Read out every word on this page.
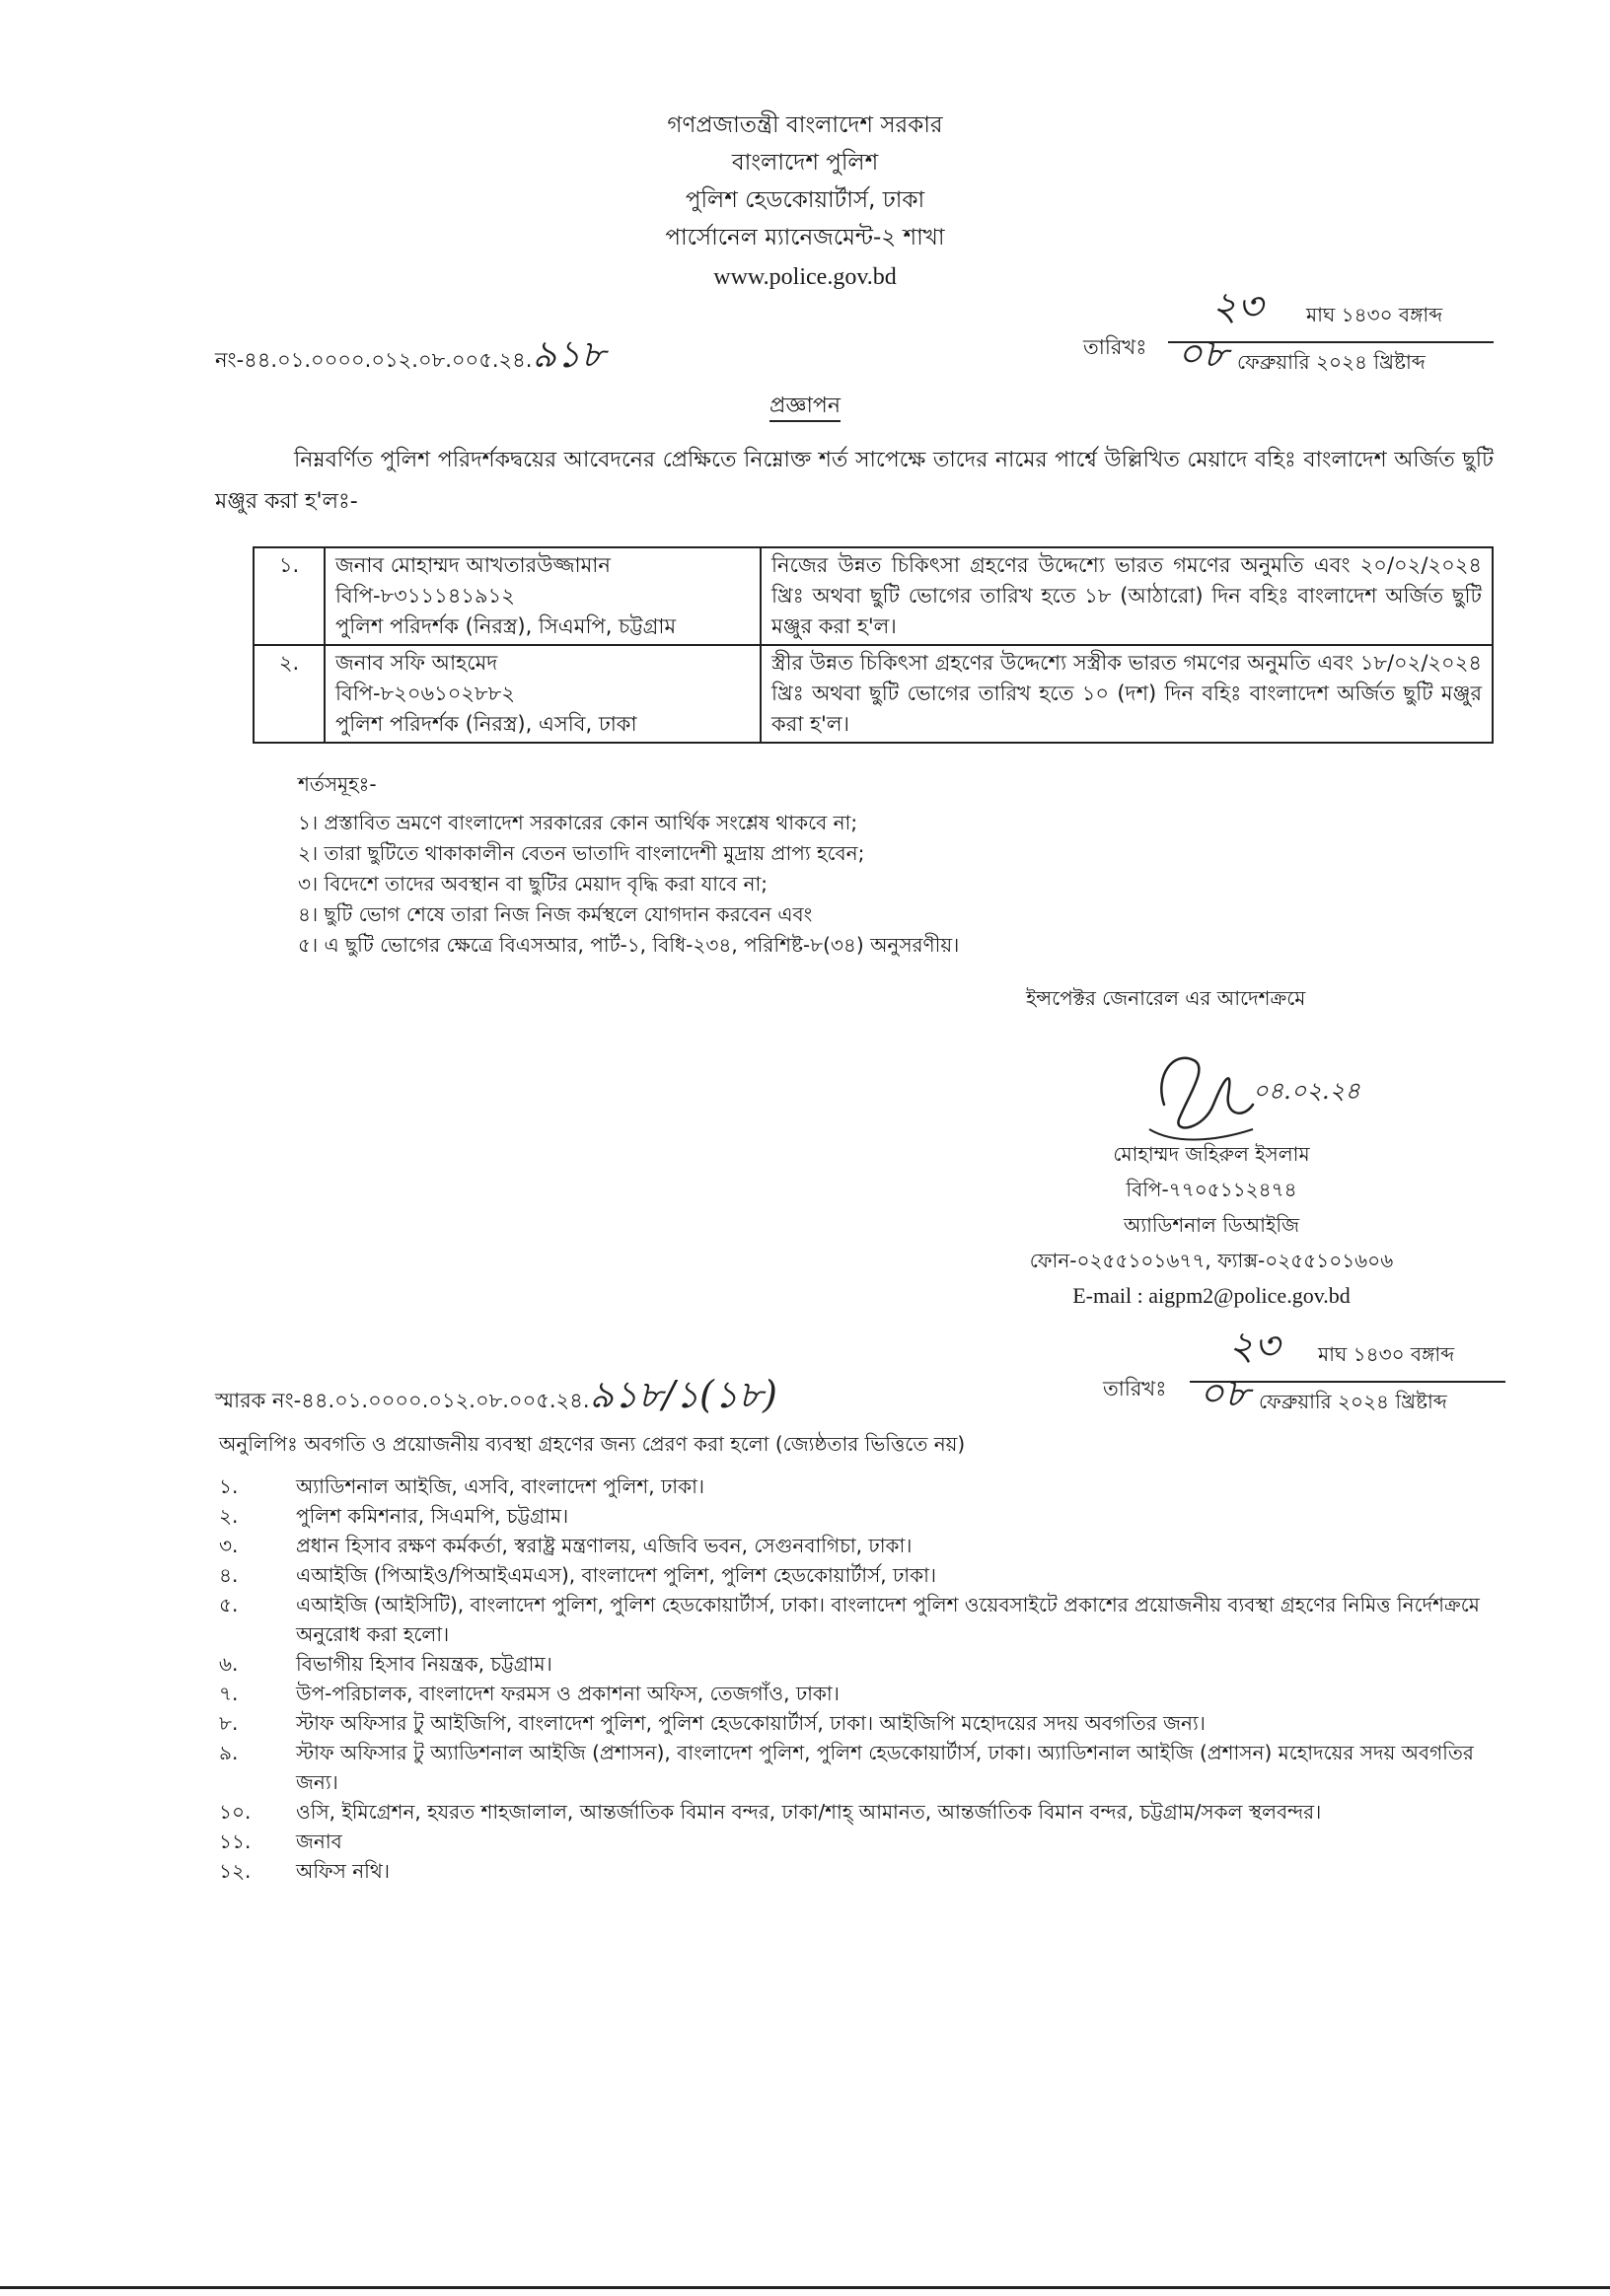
গণপ্রজাতন্ত্রী বাংলাদেশ সরকার
বাংলাদেশ পুলিশ
পুলিশ হেডকোয়ার্টার্স, ঢাকা
পার্সোনেল ম্যানেজমেন্ট-২ শাখা
www.police.gov.bd
নং-৪৪.০১.০০০০.০১২.০৮.০০৫.২৪.৯১৮	তারিখঃ
২৩	মাঘ ১৪৩০ বঙ্গাব্দ
০৮ ফেব্রুয়ারি ২০২৪ খ্রিষ্টাব্দ
প্রজ্ঞাপন
নিম্নবর্ণিত পুলিশ পরিদর্শকদ্বয়ের আবেদনের প্রেক্ষিতে নিম্নোক্ত শর্ত সাপেক্ষে তাদের নামের পার্শ্বে উল্লিখিত মেয়াদে বহিঃ বাংলাদেশ অর্জিত ছুটি মঞ্জুর করা হ'লঃ-
১.	জনাব মোহাম্মদ আখতারউজ্জামান
বিপি-৮৩১১১৪১৯১২
পুলিশ পরিদর্শক (নিরস্ত্র), সিএমপি, চট্টগ্রাম	নিজের উন্নত চিকিৎসা গ্রহণের উদ্দেশ্যে ভারত গমণের অনুমতি এবং ২০/০২/২০২৪ খ্রিঃ অথবা ছুটি ভোগের তারিখ হতে ১৮ (আঠারো) দিন বহিঃ বাংলাদেশ অর্জিত ছুটি মঞ্জুর করা হ'ল।
২.	জনাব সফি আহমেদ
বিপি-৮২০৬১০২৮৮২
পুলিশ পরিদর্শক (নিরস্ত্র), এসবি, ঢাকা	স্ত্রীর উন্নত চিকিৎসা গ্রহণের উদ্দেশ্যে সস্ত্রীক ভারত গমণের অনুমতি এবং ১৮/০২/২০২৪ খ্রিঃ অথবা ছুটি ভোগের তারিখ হতে ১০ (দশ) দিন বহিঃ বাংলাদেশ অর্জিত ছুটি মঞ্জুর করা হ'ল।
শর্তসমূহঃ-
১। প্রস্তাবিত ভ্রমণে বাংলাদেশ সরকারের কোন আর্থিক সংশ্লেষ থাকবে না;
২। তারা ছুটিতে থাকাকালীন বেতন ভাতাদি বাংলাদেশী মুদ্রায় প্রাপ্য হবেন;
৩। বিদেশে তাদের অবস্থান বা ছুটির মেয়াদ বৃদ্ধি করা যাবে না;
৪। ছুটি ভোগ শেষে তারা নিজ নিজ কর্মস্থলে যোগদান করবেন এবং
৫। এ ছুটি ভোগের ক্ষেত্রে বিএসআর, পার্ট-১, বিধি-২৩৪, পরিশিষ্ট-৮(৩৪) অনুসরণীয়।
ইন্সপেক্টর জেনারেল এর আদেশক্রমে
০৪.০২.২৪
মোহাম্মদ জহিরুল ইসলাম
বিপি-৭৭০৫১১২৪৭৪
অ্যাডিশনাল ডিআইজি
ফোন-০২৫৫১০১৬৭৭, ফ্যাক্স-০২৫৫১০১৬০৬
E-mail : aigpm2@police.gov.bd
স্মারক নং-৪৪.০১.০০০০.০১২.০৮.০০৫.২৪.৯১৮/১(১৮)	তারিখঃ
২৩	মাঘ ১৪৩০ বঙ্গাব্দ
০৮ ফেব্রুয়ারি ২০২৪ খ্রিষ্টাব্দ
অনুলিপিঃ অবগতি ও প্রয়োজনীয় ব্যবস্থা গ্রহণের জন্য প্রেরণ করা হলো (জ্যেষ্ঠতার ভিত্তিতে নয়)
১.	অ্যাডিশনাল আইজি, এসবি, বাংলাদেশ পুলিশ, ঢাকা।
২.	পুলিশ কমিশনার, সিএমপি, চট্টগ্রাম।
৩.	প্রধান হিসাব রক্ষণ কর্মকর্তা, স্বরাষ্ট্র মন্ত্রণালয়, এজিবি ভবন, সেগুনবাগিচা, ঢাকা।
৪.	এআইজি (পিআইও/পিআইএমএস), বাংলাদেশ পুলিশ, পুলিশ হেডকোয়ার্টার্স, ঢাকা।
৫.	এআইজি (আইসিটি), বাংলাদেশ পুলিশ, পুলিশ হেডকোয়ার্টার্স, ঢাকা। বাংলাদেশ পুলিশ ওয়েবসাইটে প্রকাশের প্রয়োজনীয় ব্যবস্থা গ্রহণের নিমিত্ত নির্দেশক্রমে অনুরোধ করা হলো।
৬.	বিভাগীয় হিসাব নিয়ন্ত্রক, চট্টগ্রাম।
৭.	উপ-পরিচালক, বাংলাদেশ ফরমস ও প্রকাশনা অফিস, তেজগাঁও, ঢাকা।
৮.	স্টাফ অফিসার টু আইজিপি, বাংলাদেশ পুলিশ, পুলিশ হেডকোয়ার্টার্স, ঢাকা। আইজিপি মহোদয়ের সদয় অবগতির জন্য।
৯.	স্টাফ অফিসার টু অ্যাডিশনাল আইজি (প্রশাসন), বাংলাদেশ পুলিশ, পুলিশ হেডকোয়ার্টার্স, ঢাকা। অ্যাডিশনাল আইজি (প্রশাসন) মহোদয়ের সদয় অবগতির জন্য।
১০.	ওসি, ইমিগ্রেশন, হযরত শাহজালাল, আন্তর্জাতিক বিমান বন্দর, ঢাকা/শাহ্ আমানত, আন্তর্জাতিক বিমান বন্দর, চট্টগ্রাম/সকল স্থলবন্দর।
১১.	জনাব
১২.	অফিস নথি।
